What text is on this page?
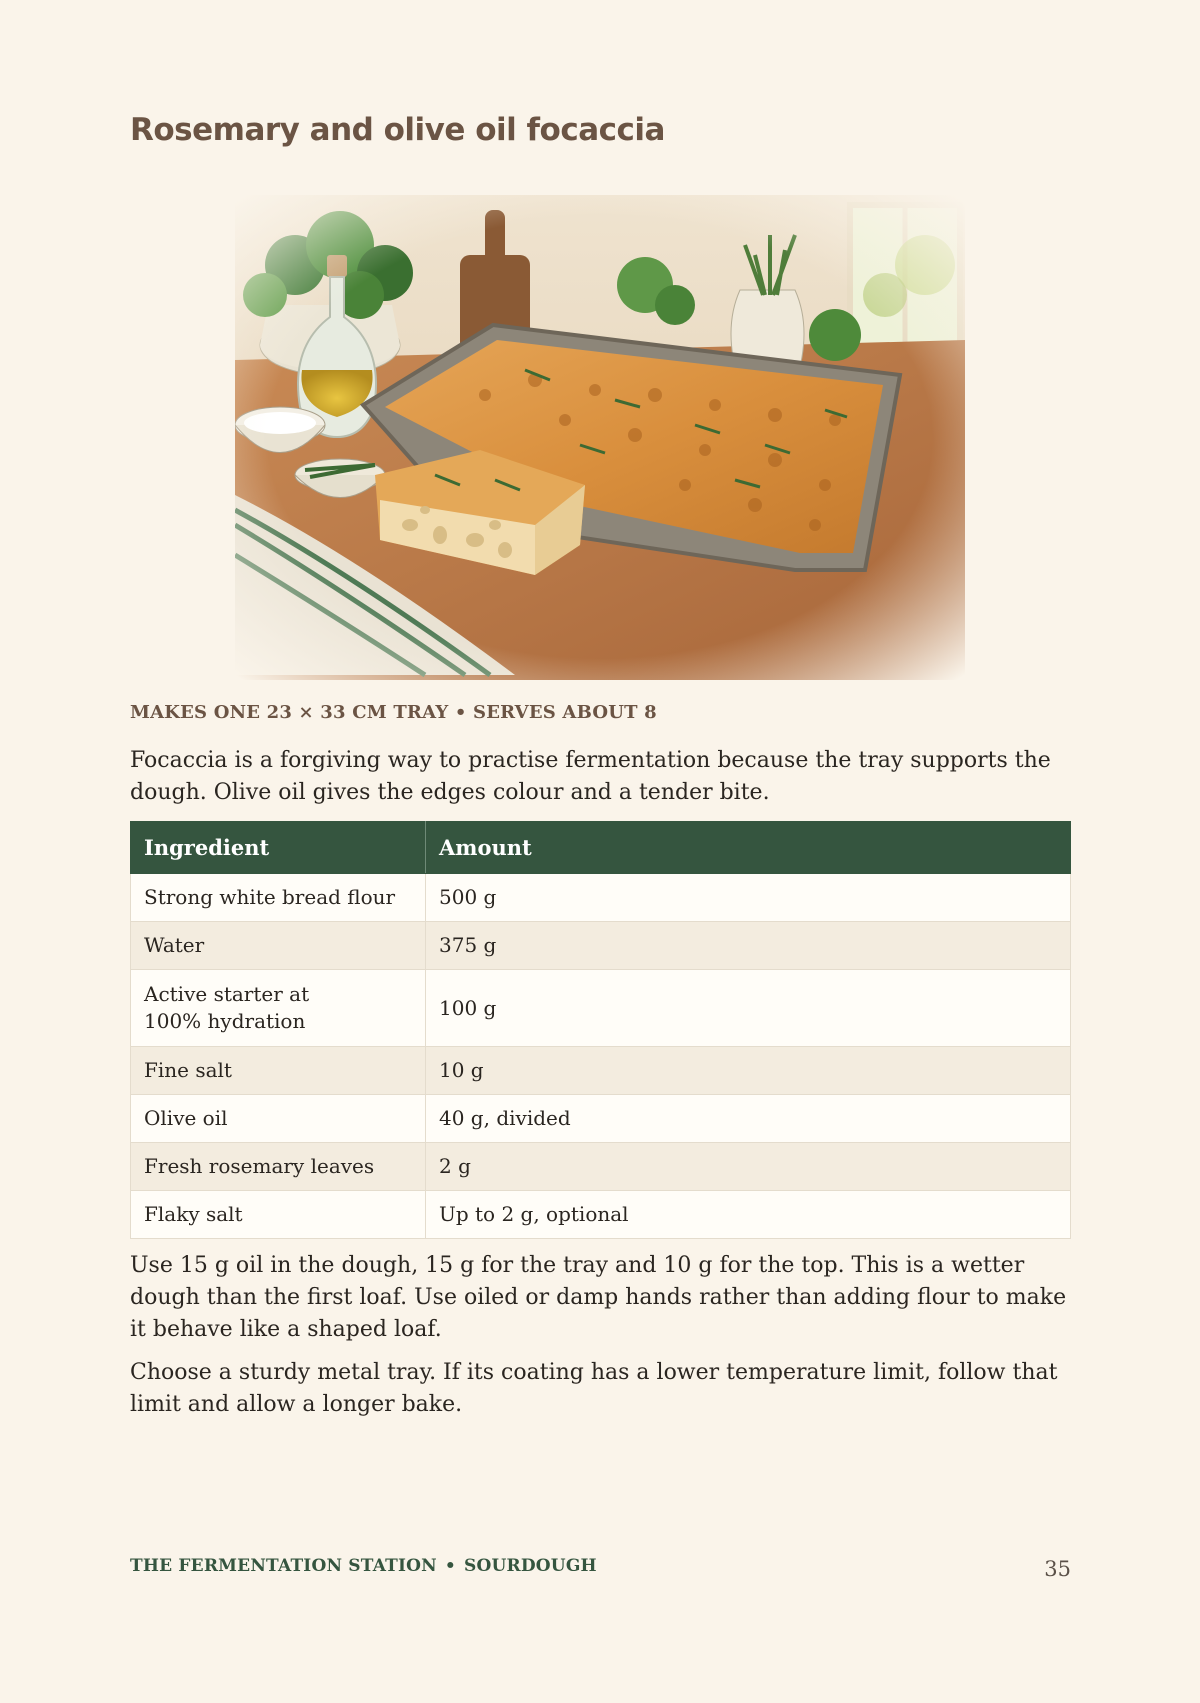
Rosemary and olive oil focaccia
MAKES ONE 23 × 33 CM TRAY • SERVES ABOUT 8

Focaccia is a forgiving way to practise fermentation because the tray supports the dough. Olive oil gives the edges colour and a tender bite.

Ingredient	Amount
Strong white bread flour	500 g
Water	375 g
Active starter at 100% hydration	100 g
Fine salt	10 g
Olive oil	40 g, divided
Fresh rosemary leaves	2 g
Flaky salt	Up to 2 g, optional

Use 15 g oil in the dough, 15 g for the tray and 10 g for the top. This is a wetter dough than the first loaf. Use oiled or damp hands rather than adding flour to make it behave like a shaped loaf.

Choose a sturdy metal tray. If its coating has a lower temperature limit, follow that limit and allow a longer bake.

THE FERMENTATION STATION • SOURDOUGH	35
